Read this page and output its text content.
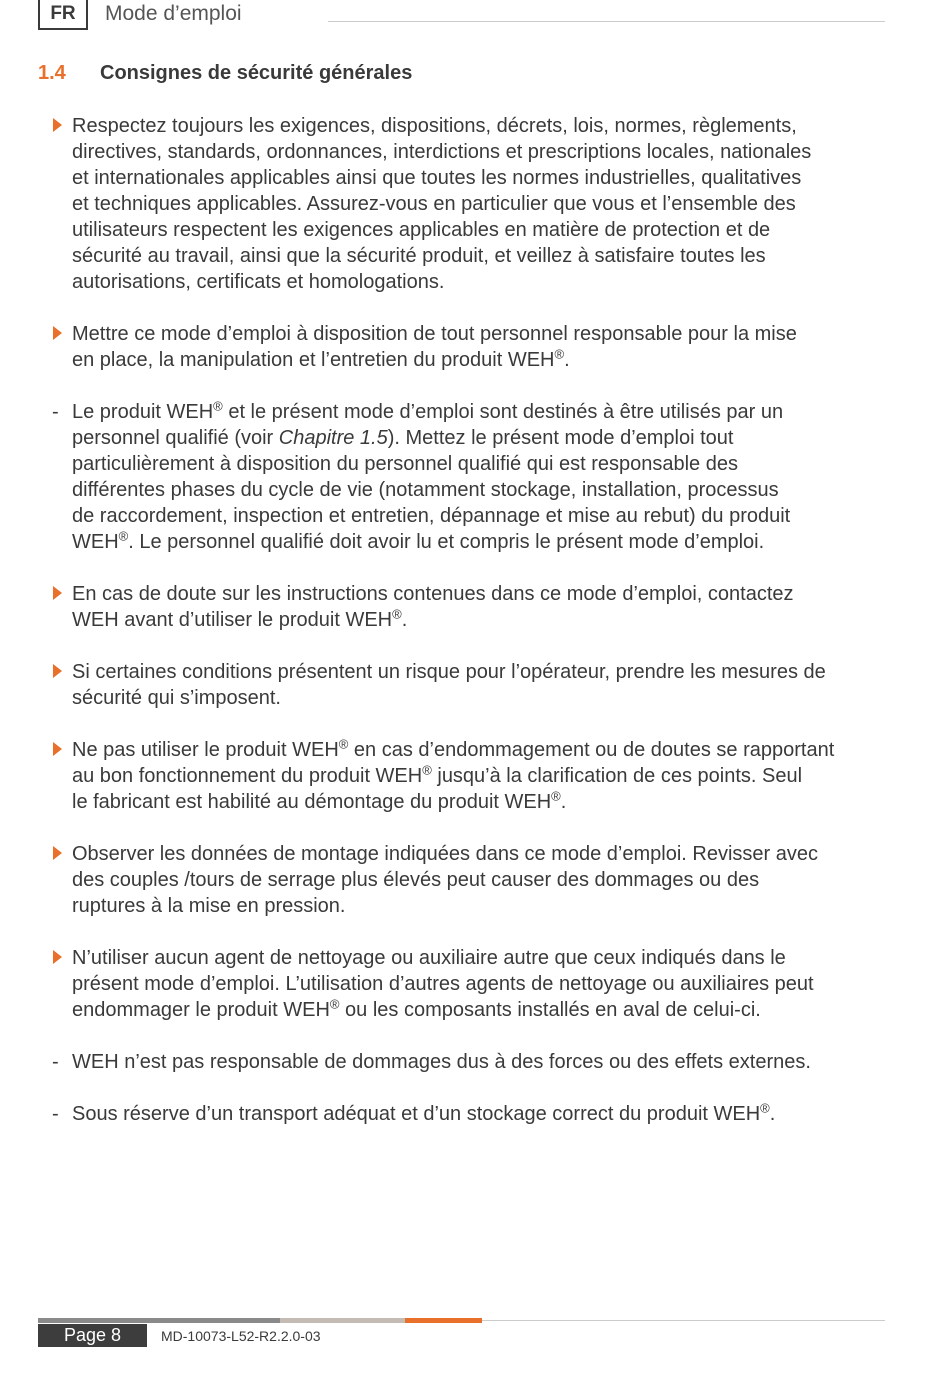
FR	Mode d’emploi
1.4 Consignes de sécurité générales
Respectez toujours les exigences, dispositions, décrets, lois, normes, règlements,
directives, standards, ordonnances, interdictions et prescriptions locales, nationales
et internationales applicables ainsi que toutes les normes industrielles, qualitatives
et techniques applicables. Assurez-vous en particulier que vous et l’ensemble des
utilisateurs respectent les exigences applicables en matière de protection et de
sécurité au travail, ainsi que la sécurité produit, et veillez à satisfaire toutes les
autorisations, certificats et homologations.
Mettre ce mode d’emploi à disposition de tout personnel responsable pour la mise
en place, la manipulation et l’entretien du produit WEH®.
- Le produit WEH® et le présent mode d’emploi sont destinés à être utilisés par un
personnel qualifié (voir Chapitre 1.5). Mettez le présent mode d’emploi tout
particulièrement à disposition du personnel qualifié qui est responsable des
différentes phases du cycle de vie (notamment stockage, installation, processus
de raccordement, inspection et entretien, dépannage et mise au rebut) du produit
WEH®. Le personnel qualifié doit avoir lu et compris le présent mode d’emploi.
En cas de doute sur les instructions contenues dans ce mode d’emploi, contactez
WEH avant d’utiliser le produit WEH®.
Si certaines conditions présentent un risque pour l’opérateur, prendre les mesures de
sécurité qui s’imposent.
Ne pas utiliser le produit WEH® en cas d’endommagement ou de doutes se rapportant
au bon fonctionnement du produit WEH® jusqu’à la clarification de ces points. Seul
le fabricant est habilité au démontage du produit WEH®.
Observer les données de montage indiquées dans ce mode d’emploi. Revisser avec
des couples /tours de serrage plus élevés peut causer des dommages ou des
ruptures à la mise en pression.
N’utiliser aucun agent de nettoyage ou auxiliaire autre que ceux indiqués dans le
présent mode d’emploi. L’utilisation d’autres agents de nettoyage ou auxiliaires peut
endommager le produit WEH® ou les composants installés en aval de celui-ci.
- WEH n’est pas responsable de dommages dus à des forces ou des effets externes.
- Sous réserve d’un transport adéquat et d’un stockage correct du produit WEH®.
Page 8	MD-10073-L52-R2.2.0-03
